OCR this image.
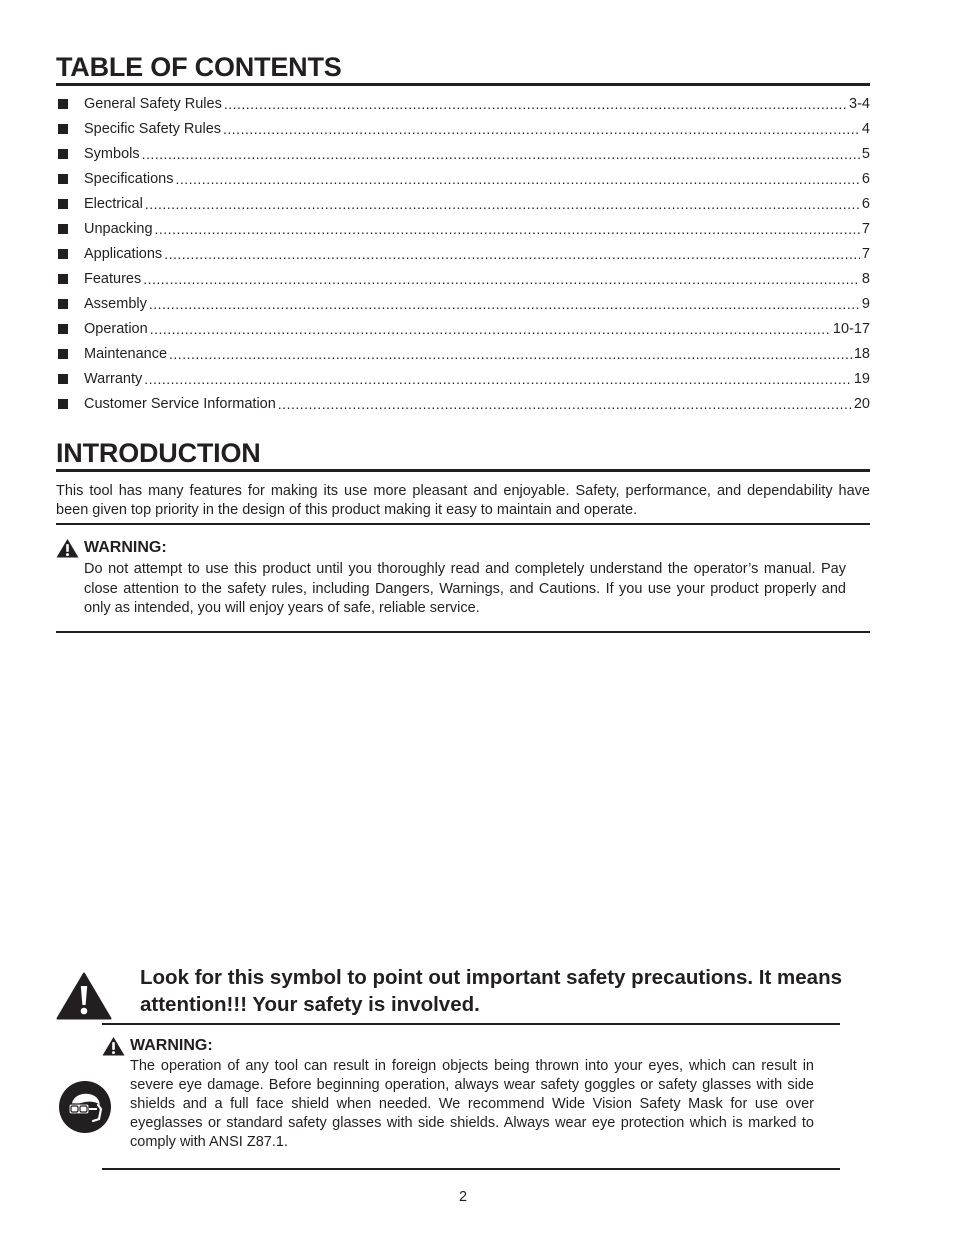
TABLE OF CONTENTS
General Safety Rules .....	3-4
Specific Safety Rules .....	4
Symbols .....	5
Specifications .....	6
Electrical .....	6
Unpacking .....	7
Applications .....	7
Features .....	8
Assembly .....	9
Operation .....	10-17
Maintenance .....	18
Warranty .....	19
Customer Service Information .....	20
INTRODUCTION
This tool has many features for making its use more pleasant and enjoyable. Safety, performance, and dependability have been given top priority in the design of this product making it easy to maintain and operate.
WARNING:
Do not attempt to use this product until you thoroughly read and completely understand the operator’s manual. Pay close attention to the safety rules, including Dangers, Warnings, and Cautions. If you use your product properly and only as intended, you will enjoy years of safe, reliable service.
Look for this symbol to point out important safety precautions. It means attention!!! Your safety is involved.
WARNING:
The operation of any tool can result in foreign objects being thrown into your eyes, which can result in severe eye damage. Before beginning operation, always wear safety goggles or safety glasses with side shields and a full face shield when needed. We recommend Wide Vision Safety Mask for use over eyeglasses or standard safety glasses with side shields. Always wear eye protection which is marked to comply with ANSI Z87.1.
2
